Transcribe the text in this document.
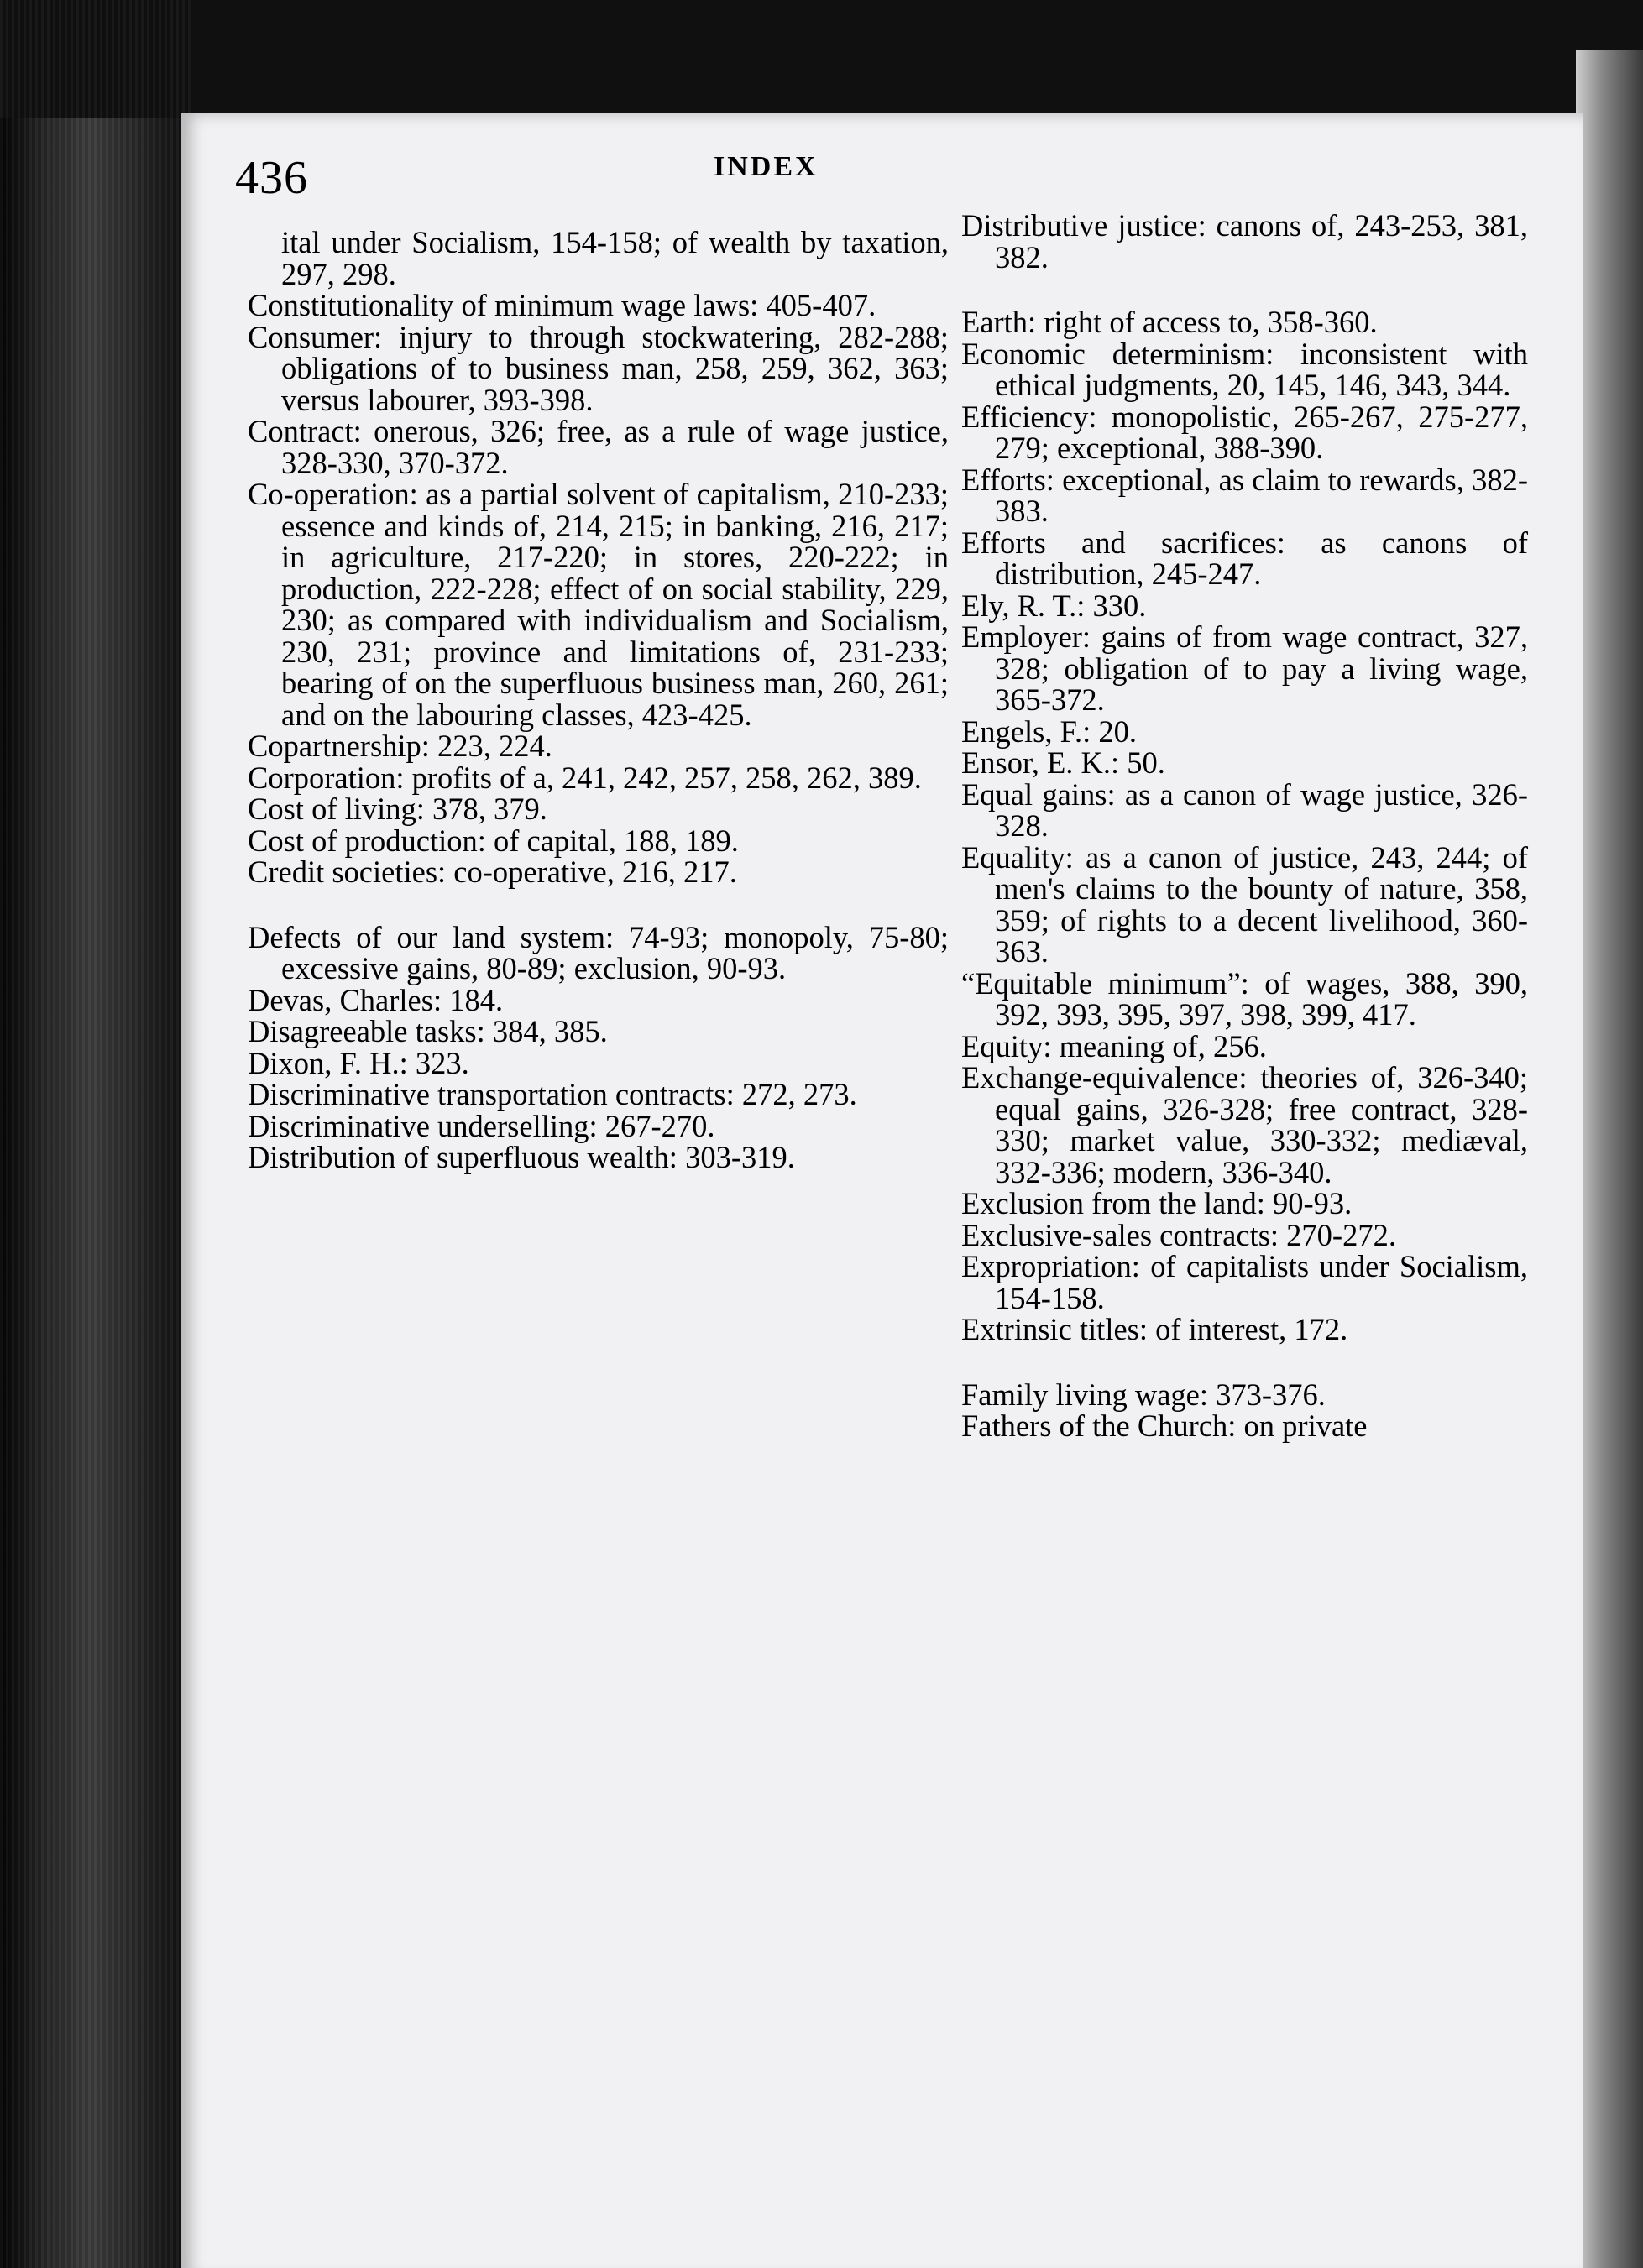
436	INDEX

ital under Socialism, 154-158; of wealth by taxation, 297, 298.

Constitutionality of minimum wage laws: 405-407.

Consumer: injury to through stockwatering, 282-288; obligations of to business man, 258, 259, 362, 363; versus labourer, 393-398.

Contract: onerous, 326; free, as a rule of wage justice, 328-330, 370-372.

Co-operation: as a partial solvent of capitalism, 210-233; essence and kinds of, 214, 215; in banking, 216, 217; in agriculture, 217-220; in stores, 220-222; in production, 222-228; effect of on social stability, 229, 230; as compared with individualism and Socialism, 230, 231; province and limitations of, 231-233; bearing of on the superfluous business man, 260, 261; and on the labouring classes, 423-425.

Copartnership: 223, 224.

Corporation: profits of a, 241, 242, 257, 258, 262, 389.

Cost of living: 378, 379.

Cost of production: of capital, 188, 189.

Credit societies: co-operative, 216, 217.

Defects of our land system: 74-93; monopoly, 75-80; excessive gains, 80-89; exclusion, 90-93.

Devas, Charles: 184.

Disagreeable tasks: 384, 385.

Dixon, F. H.: 323.

Discriminative transportation contracts: 272, 273.

Discriminative underselling: 267-270.

Distribution of superfluous wealth: 303-319.

Distributive justice: canons of, 243-253, 381, 382.

Earth: right of access to, 358-360.

Economic determinism: inconsistent with ethical judgments, 20, 145, 146, 343, 344.

Efficiency: monopolistic, 265-267, 275-277, 279; exceptional, 388-390.

Efforts: exceptional, as claim to rewards, 382-383.

Efforts and sacrifices: as canons of distribution, 245-247.

Ely, R. T.: 330.

Employer: gains of from wage contract, 327, 328; obligation of to pay a living wage, 365-372.

Engels, F.: 20.

Ensor, E. K.: 50.

Equal gains: as a canon of wage justice, 326-328.

Equality: as a canon of justice, 243, 244; of men's claims to the bounty of nature, 358, 359; of rights to a decent livelihood, 360-363.

“Equitable minimum”: of wages, 388, 390, 392, 393, 395, 397, 398, 399, 417.

Equity: meaning of, 256.

Exchange-equivalence: theories of, 326-340; equal gains, 326-328; free contract, 328-330; market value, 330-332; mediæval, 332-336; modern, 336-340.

Exclusion from the land: 90-93.

Exclusive-sales contracts: 270-272.

Expropriation: of capitalists under Socialism, 154-158.

Extrinsic titles: of interest, 172.

Family living wage: 373-376.

Fathers of the Church: on private
